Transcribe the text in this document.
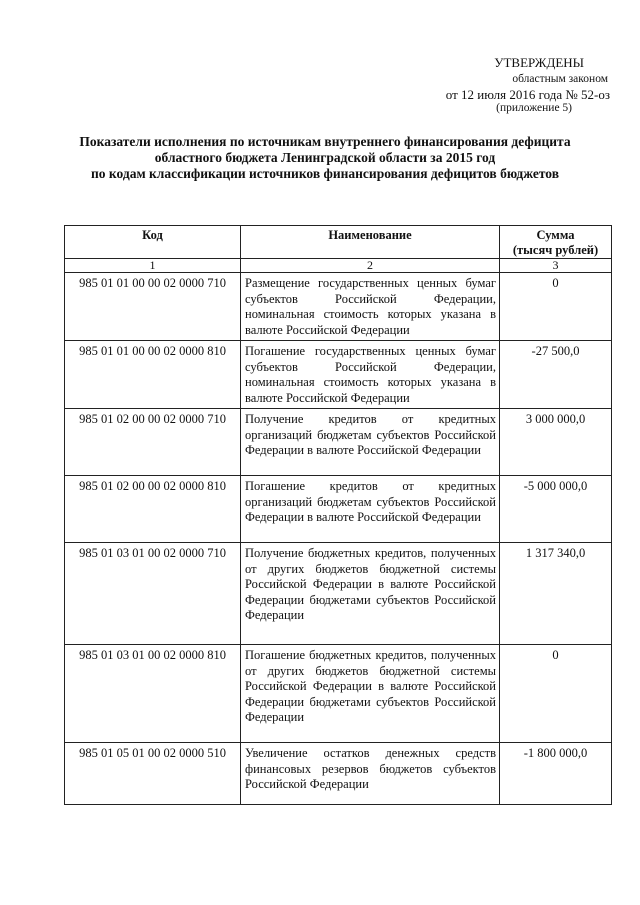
УТВЕРЖДЕНЫ
областным законом
от 12 июля 2016 года № 52-оз
(приложение 5)
Показатели исполнения по источникам внутреннего финансирования дефицита
областного бюджета Ленинградской области за 2015 год
по кодам классификации источников финансирования дефицитов бюджетов
Код	Наименование	Сумма
(тысяч рублей)

1	2	3
985 01 01 00 00 02 0000 710	Размещение государственных ценных бумаг субъектов Российской Федерации, номинальная стоимость которых указана в валюте Российской Федерации	0
985 01 01 00 00 02 0000 810	Погашение государственных ценных бумаг субъектов Российской Федерации, номинальная стоимость которых указана в валюте Российской Федерации	-27 500,0
985 01 02 00 00 02 0000 710	Получение кредитов от кредитных организаций бюджетам субъектов Российской Федерации в валюте Российской Федерации	3 000 000,0
985 01 02 00 00 02 0000 810	Погашение кредитов от кредитных организаций бюджетам субъектов Российской Федерации в валюте Российской Федерации	-5 000 000,0
985 01 03 01 00 02 0000 710	Получение бюджетных кредитов, полученных от других бюджетов бюджетной системы Российской Федерации в валюте Российской Федерации бюджетами субъектов Российской Федерации	1 317 340,0
985 01 03 01 00 02 0000 810	Погашение бюджетных кредитов, полученных от других бюджетов бюджетной системы Российской Федерации в валюте Российской Федерации бюджетами субъектов Российской Федерации	0
985 01 05 01 00 02 0000 510	Увеличение остатков денежных средств финансовых резервов бюджетов субъектов Российской Федерации	-1 800 000,0
